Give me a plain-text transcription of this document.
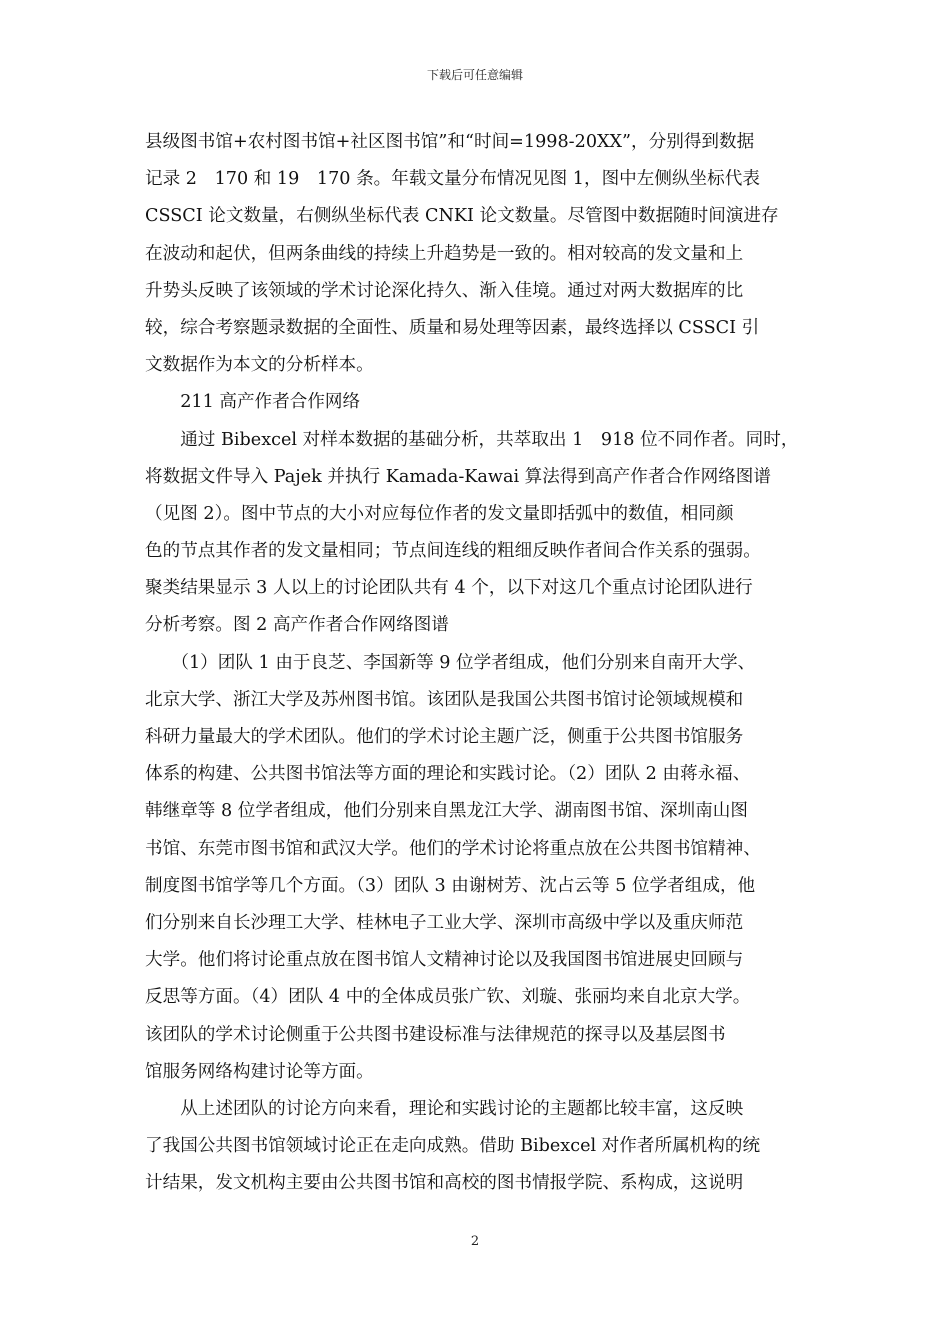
下载后可任意编辑
县级图书馆+农村图书馆+社区图书馆”和“时间=1998-20XX”，分别得到数据
记录 2　170 和 19　170 条。年载文量分布情况见图 1，图中左侧纵坐标代表
CSSCI 论文数量，右侧纵坐标代表 CNKI 论文数量。尽管图中数据随时间演进存
在波动和起伏，但两条曲线的持续上升趋势是一致的。相对较高的发文量和上
升势头反映了该领域的学术讨论深化持久、渐入佳境。通过对两大数据库的比
较，综合考察题录数据的全面性、质量和易处理等因素，最终选择以 CSSCI 引
文数据作为本文的分析样本。
　　211 高产作者合作网络
　　通过 Bibexcel 对样本数据的基础分析，共萃取出 1　918 位不同作者。同时，
将数据文件导入 Pajek 并执行 Kamada-Kawai 算法得到高产作者合作网络图谱
（见图 2）。图中节点的大小对应每位作者的发文量即括弧中的数值，相同颜
色的节点其作者的发文量相同；节点间连线的粗细反映作者间合作关系的强弱。
聚类结果显示 3 人以上的讨论团队共有 4 个，以下对这几个重点讨论团队进行
分析考察。图 2 高产作者合作网络图谱
　　（1）团队 1 由于良芝、李国新等 9 位学者组成，他们分别来自南开大学、
北京大学、浙江大学及苏州图书馆。该团队是我国公共图书馆讨论领域规模和
科研力量最大的学术团队。他们的学术讨论主题广泛，侧重于公共图书馆服务
体系的构建、公共图书馆法等方面的理论和实践讨论。（2）团队 2 由蒋永福、
韩继章等 8 位学者组成，他们分别来自黑龙江大学、湖南图书馆、深圳南山图
书馆、东莞市图书馆和武汉大学。他们的学术讨论将重点放在公共图书馆精神、
制度图书馆学等几个方面。（3）团队 3 由谢树芳、沈占云等 5 位学者组成，他
们分别来自长沙理工大学、桂林电子工业大学、深圳市高级中学以及重庆师范
大学。他们将讨论重点放在图书馆人文精神讨论以及我国图书馆进展史回顾与
反思等方面。（4）团队 4 中的全体成员张广钦、刘璇、张丽均来自北京大学。
该团队的学术讨论侧重于公共图书建设标准与法律规范的探寻以及基层图书
馆服务网络构建讨论等方面。
　　从上述团队的讨论方向来看，理论和实践讨论的主题都比较丰富，这反映
了我国公共图书馆领域讨论正在走向成熟。借助 Bibexcel 对作者所属机构的统
计结果，发文机构主要由公共图书馆和高校的图书情报学院、系构成，这说明
2
